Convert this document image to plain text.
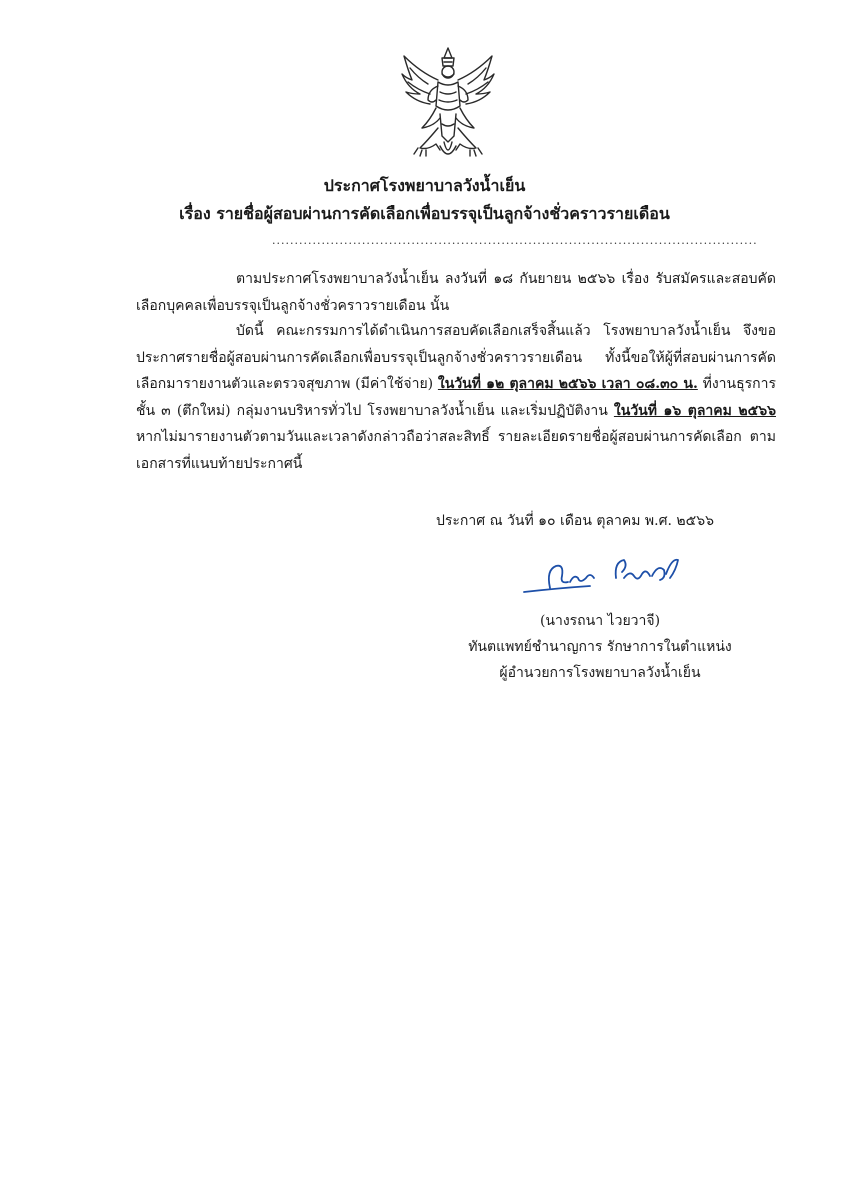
ประกาศโรงพยาบาลวังน้ำเย็น
เรื่อง รายชื่อผู้สอบผ่านการคัดเลือกเพื่อบรรจุเป็นลูกจ้างชั่วคราวรายเดือน
............................................................................................................
ตามประกาศโรงพยาบาลวังน้ำเย็น ลงวันที่ ๑๘ กันยายน ๒๕๖๖ เรื่อง รับสมัครและสอบคัดเลือกบุคคลเพื่อบรรจุเป็นลูกจ้างชั่วคราวรายเดือน นั้น
บัดนี้ คณะกรรมการได้ดำเนินการสอบคัดเลือกเสร็จสิ้นแล้ว โรงพยาบาลวังน้ำเย็น จึงขอประกาศรายชื่อผู้สอบผ่านการคัดเลือกเพื่อบรรจุเป็นลูกจ้างชั่วคราวรายเดือน ทั้งนี้ขอให้ผู้ที่สอบผ่านการคัดเลือกมารายงานตัวและตรวจสุขภาพ (มีค่าใช้จ่าย) ในวันที่ ๑๒ ตุลาคม ๒๕๖๖ เวลา ๐๘.๓๐ น. ที่งานธุรการ ชั้น ๓ (ตึกใหม่) กลุ่มงานบริหารทั่วไป โรงพยาบาลวังน้ำเย็น และเริ่มปฏิบัติงาน ในวันที่ ๑๖ ตุลาคม ๒๕๖๖ หากไม่มารายงานตัวตามวันและเวลาดังกล่าวถือว่าสละสิทธิ์ รายละเอียดรายชื่อผู้สอบผ่านการคัดเลือก ตามเอกสารที่แนบท้ายประกาศนี้
ประกาศ ณ วันที่ ๑๐ เดือน ตุลาคม พ.ศ. ๒๕๖๖
(นางรถนา ไวยวาจี)
ทันตแพทย์ชำนาญการ รักษาการในตำแหน่ง
ผู้อำนวยการโรงพยาบาลวังน้ำเย็น
